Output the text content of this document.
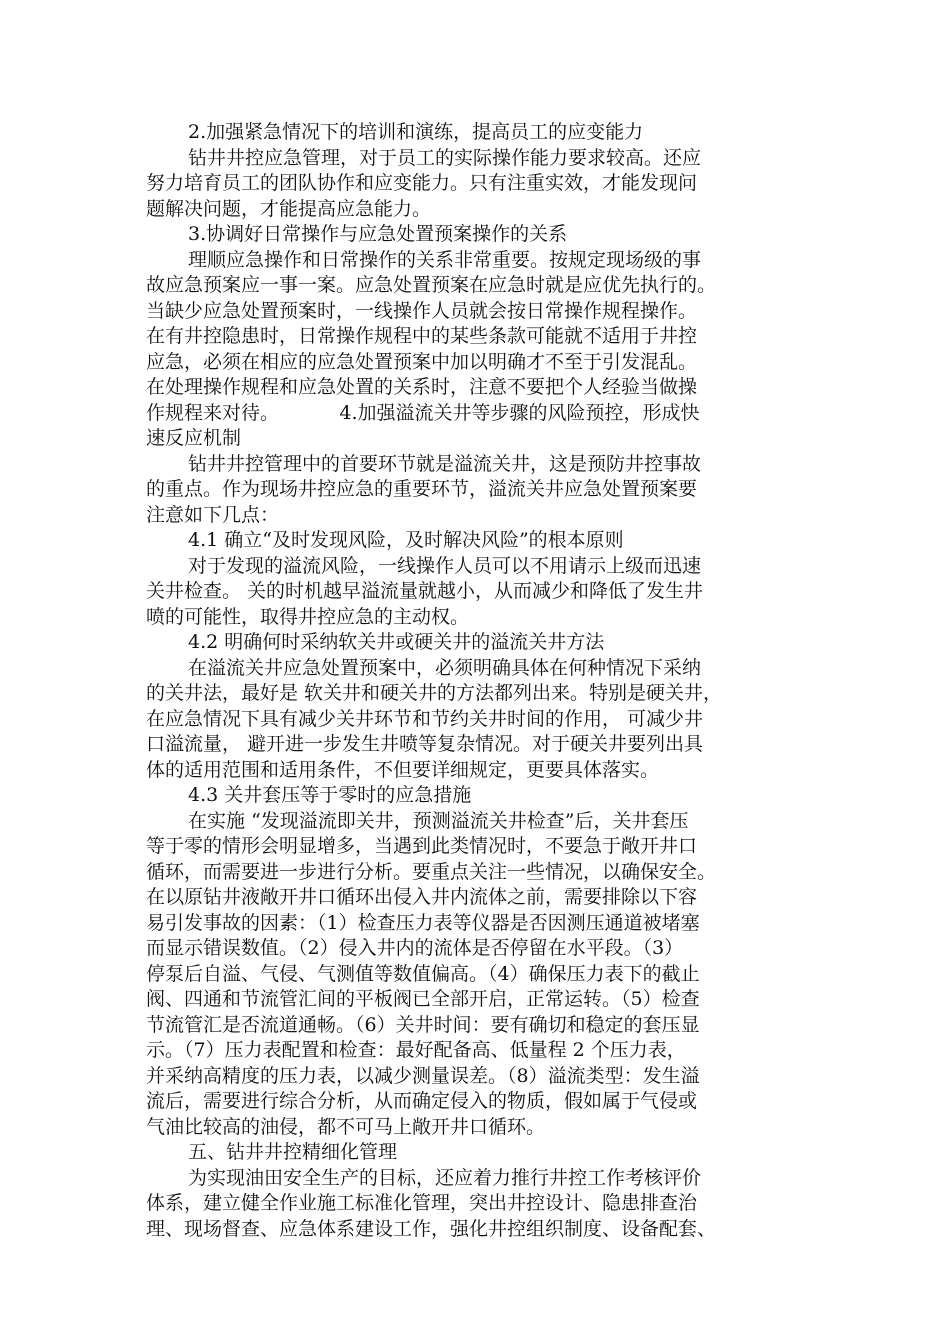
2.加强紧急情况下的培训和演练，提高员工的应变能力
钻井井控应急管理，对于员工的实际操作能力要求较高。还应
努力培育员工的团队协作和应变能力。只有注重实效，才能发现问
题解决问题，才能提高应急能力。
3.协调好日常操作与应急处置预案操作的关系
理顺应急操作和日常操作的关系非常重要。按规定现场级的事
故应急预案应一事一案。应急处置预案在应急时就是应优先执行的。
当缺少应急处置预案时，一线操作人员就会按日常操作规程操作。
在有井控隐患时，日常操作规程中的某些条款可能就不适用于井控
应急，必须在相应的应急处置预案中加以明确才不至于引发混乱。
在处理操作规程和应急处置的关系时，注意不要把个人经验当做操
作规程来对待。          4.加强溢流关井等步骤的风险预控，形成快
速反应机制
钻井井控管理中的首要环节就是溢流关井，这是预防井控事故
的重点。作为现场井控应急的重要环节，溢流关井应急处置预案要
注意如下几点：
4.1 确立“及时发现风险，及时解决风险”的根本原则
对于发现的溢流风险，一线操作人员可以不用请示上级而迅速
关井检查。 关的时机越早溢流量就越小，从而减少和降低了发生井
喷的可能性，取得井控应急的主动权。
4.2 明确何时采纳软关井或硬关井的溢流关井方法
在溢流关井应急处置预案中，必须明确具体在何种情况下采纳
的关井法，最好是 软关井和硬关井的方法都列出来。特别是硬关井，
在应急情况下具有减少关井环节和节约关井时间的作用， 可减少井
口溢流量， 避开进一步发生井喷等复杂情况。对于硬关井要列出具
体的适用范围和适用条件，不但要详细规定，更要具体落实。
4.3 关井套压等于零时的应急措施
在实施 “发现溢流即关井，预测溢流关井检查”后，关井套压
等于零的情形会明显增多，当遇到此类情况时，不要急于敞开井口
循环，而需要进一步进行分析。要重点关注一些情况，以确保安全。
在以原钻井液敞开井口循环出侵入井内流体之前，需要排除以下容
易引发事故的因素：（1）检查压力表等仪器是否因测压通道被堵塞
而显示错误数值。（2）侵入井内的流体是否停留在水平段。（3）
停泵后自溢、气侵、气测值等数值偏高。（4）确保压力表下的截止
阀、四通和节流管汇间的平板阀已全部开启，正常运转。（5）检查
节流管汇是否流道通畅。（6）关井时间：要有确切和稳定的套压显
示。（7）压力表配置和检查：最好配备高、低量程 2 个压力表，
并采纳高精度的压力表，以减少测量误差。（8）溢流类型：发生溢
流后，需要进行综合分析，从而确定侵入的物质，假如属于气侵或
气油比较高的油侵，都不可马上敞开井口循环。
五、钻井井控精细化管理
为实现油田安全生产的目标，还应着力推行井控工作考核评价
体系，建立健全作业施工标准化管理，突出井控设计、隐患排查治
理、现场督查、应急体系建设工作，强化井控组织制度、设备配套、
